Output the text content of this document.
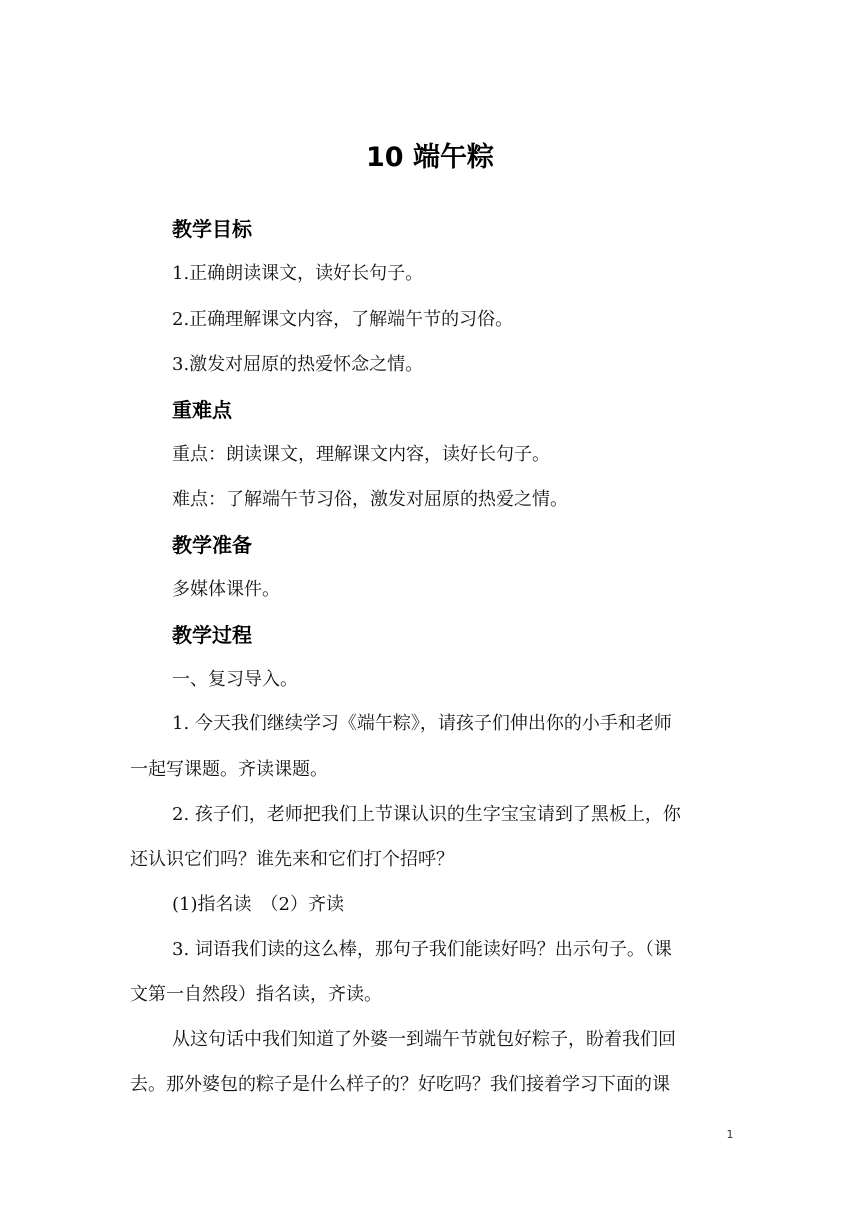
10 端午粽
教学目标
1.正确朗读课文，读好长句子。
2.正确理解课文内容，了解端午节的习俗。
3.激发对屈原的热爱怀念之情。
重难点
重点：朗读课文，理解课文内容，读好长句子。
难点：了解端午节习俗，激发对屈原的热爱之情。
教学准备
多媒体课件。
教学过程
一、复习导入。
1. 今天我们继续学习《端午粽》，请孩子们伸出你的小手和老师
一起写课题。齐读课题。
2. 孩子们，老师把我们上节课认识的生字宝宝请到了黑板上，你
还认识它们吗？谁先来和它们打个招呼？
(1)指名读　（2）齐读
3. 词语我们读的这么棒，那句子我们能读好吗？出示句子。（课
文第一自然段）指名读，齐读。
从这句话中我们知道了外婆一到端午节就包好粽子，盼着我们回
去。那外婆包的粽子是什么样子的？好吃吗？我们接着学习下面的课
1
